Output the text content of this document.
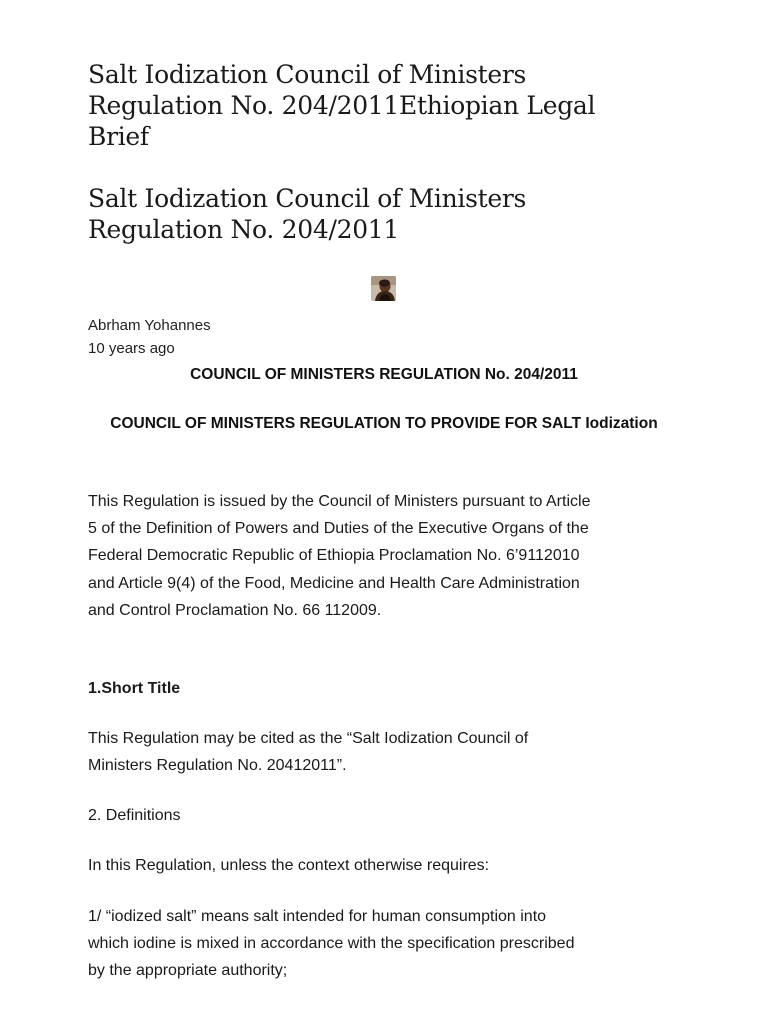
Salt Iodization Council of Ministers Regulation No. 204/2011Ethiopian Legal Brief
Salt Iodization Council of Ministers Regulation No. 204/2011
Abrham Yohannes
10 years ago
COUNCIL OF MINISTERS REGULATION No. 204/2011
COUNCIL OF MINISTERS REGULATION TO PROVIDE FOR SALT Iodization

This Regulation is issued by the Council of Ministers pursuant to Article 5 of the Definition of Powers and Duties of the Executive Organs of the Federal Democratic Republic of Ethiopia Proclamation No. 6’9112010 and Article 9(4) of the Food, Medicine and Health Care Administration and Control Proclamation No. 66 112009.

1.Short Title

This Regulation may be cited as the “Salt Iodization Council of Ministers Regulation No. 20412011”.

2. Definitions

In this Regulation, unless the context otherwise requires:

1/ “iodized salt” means salt intended for human consumption into which iodine is mixed in accordance with the specification prescribed by the appropriate authority;
